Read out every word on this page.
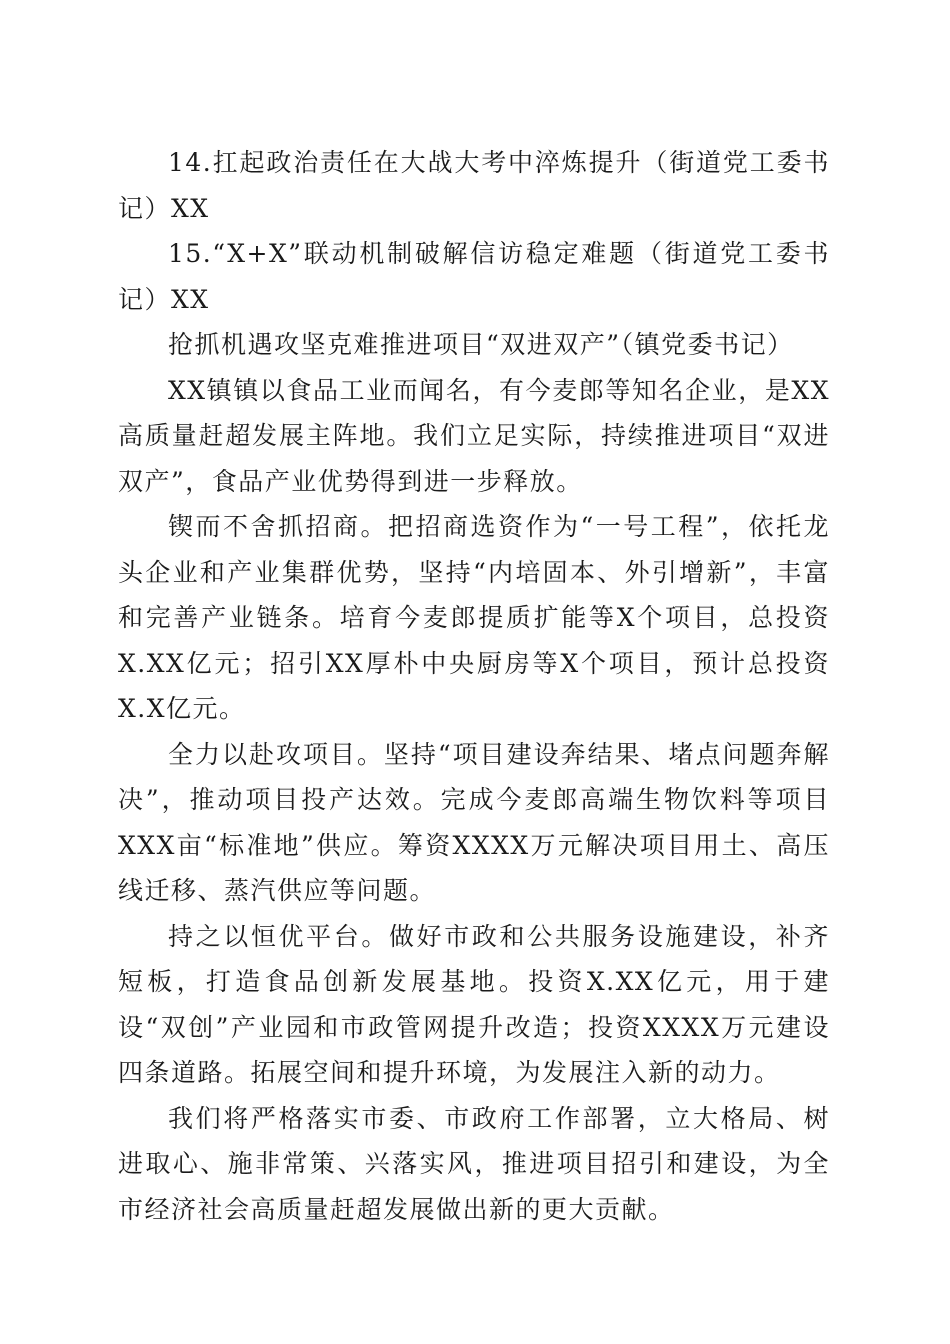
14.扛起政治责任在大战大考中淬炼提升（街道党工委书记）XX

15.“X+X”联动机制破解信访稳定难题（街道党工委书记）XX

抢抓机遇攻坚克难推进项目“双进双产”（镇党委书记）

XX镇镇以食品工业而闻名，有今麦郎等知名企业，是XX高质量赶超发展主阵地。我们立足实际，持续推进项目“双进双产”，食品产业优势得到进一步释放。

锲而不舍抓招商。把招商选资作为“一号工程”，依托龙头企业和产业集群优势，坚持“内培固本、外引增新”，丰富和完善产业链条。培育今麦郎提质扩能等X个项目，总投资X.XX亿元；招引XX厚朴中央厨房等X个项目，预计总投资X.X亿元。

全力以赴攻项目。坚持“项目建设奔结果、堵点问题奔解决”，推动项目投产达效。完成今麦郎高端生物饮料等项目XXX亩“标准地”供应。筹资XXXX万元解决项目用土、高压线迁移、蒸汽供应等问题。

持之以恒优平台。做好市政和公共服务设施建设，补齐短板，打造食品创新发展基地。投资X.XX亿元，用于建设“双创”产业园和市政管网提升改造；投资XXXX万元建设四条道路。拓展空间和提升环境，为发展注入新的动力。

我们将严格落实市委、市政府工作部署，立大格局、树进取心、施非常策、兴落实风，推进项目招引和建设，为全市经济社会高质量赶超发展做出新的更大贡献。
